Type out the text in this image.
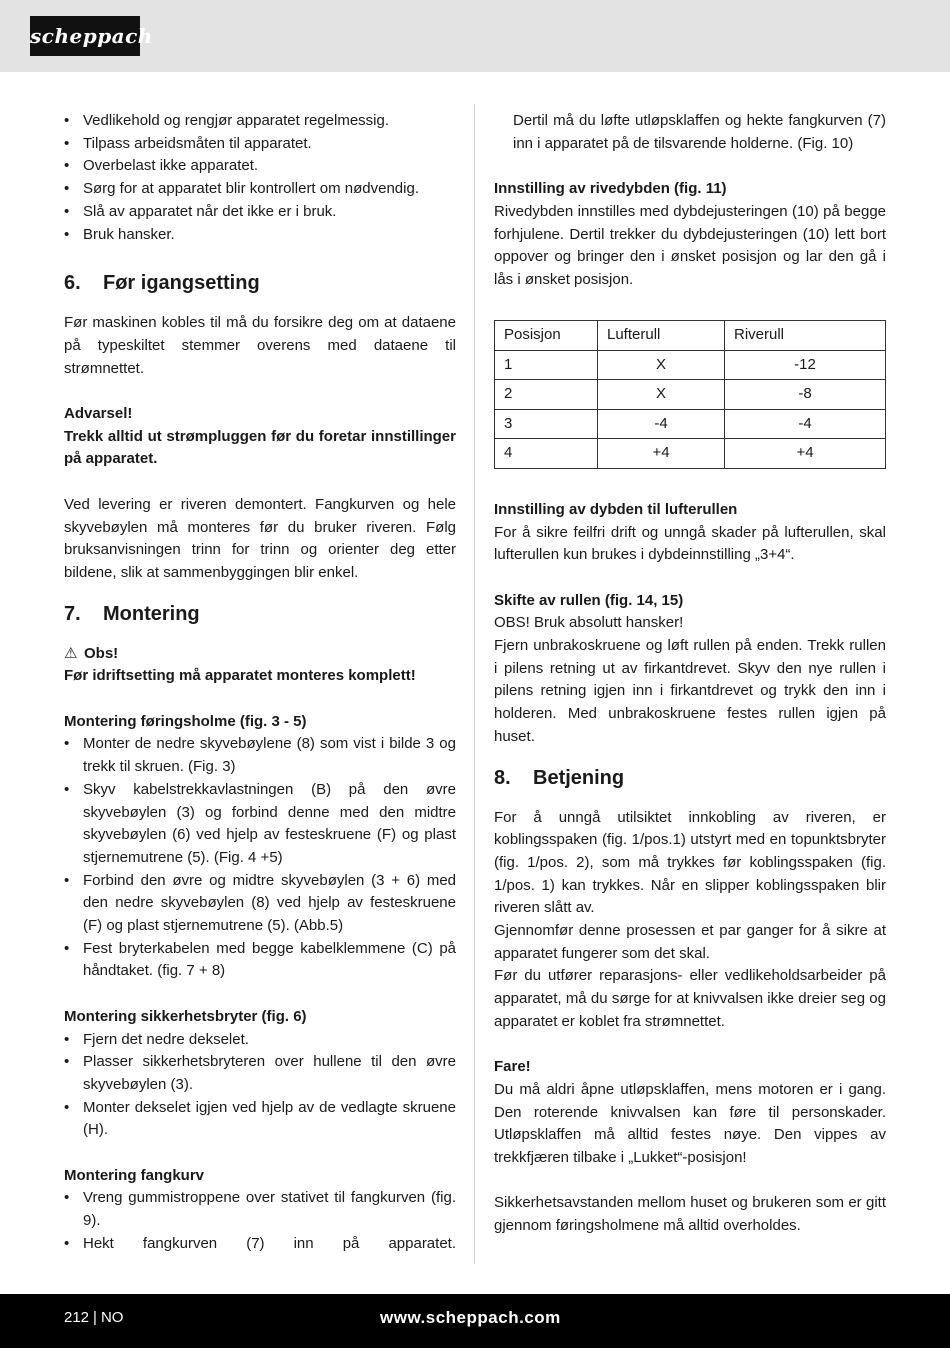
scheppach
• Vedlikehold og rengjør apparatet regelmessig.
• Tilpass arbeidsmåten til apparatet.
• Overbelast ikke apparatet.
• Sørg for at apparatet blir kontrollert om nødvendig.
• Slå av apparatet når det ikke er i bruk.
• Bruk hansker.
6. Før igangsetting

Før maskinen kobles til må du forsikre deg om at dataene på typeskiltet stemmer overens med dataene til strømnettet.

Advarsel!

Trekk alltid ut strømpluggen før du foretar innstillinger på apparatet.

Ved levering er riveren demontert. Fangkurven og hele skyvebøylen må monteres før du bruker riveren. Følg bruksanvisningen trinn for trinn og orienter deg etter bildene, slik at sammenbyggingen blir enkel.

7. Montering

⚠ Obs!

Før idriftsetting må apparatet monteres komplett!

Montering føringsholme (fig. 3 - 5)

• Monter de nedre skyvebøylene (8) som vist i bilde 3 og trekk til skruen. (Fig. 3)
• Skyv kabelstrekkavlastningen (B) på den øvre skyvebøylen (3) og forbind denne med den midtre skyvebøylen (6) ved hjelp av festeskruene (F) og plast stjernemutrene (5). (Fig. 4 +5)
• Forbind den øvre og midtre skyvebøylen (3 + 6) med den nedre skyvebøylen (8) ved hjelp av festeskruene (F) og plast stjernemutrene (5). (Abb.5)
• Fest bryterkabelen med begge kabelklemmene (C) på håndtaket. (fig. 7 + 8)

Montering sikkerhetsbryter (fig. 6)

• Fjern det nedre dekselet.
• Plasser sikkerhetsbryteren over hullene til den øvre skyvebøylen (3).
• Monter dekselet igjen ved hjelp av de vedlagte skruene (H).

Montering fangkurv

• Vreng gummistroppene over stativet til fangkurven (fig. 9).
• Hekt fangkurven (7) inn på apparatet.

Dertil må du løfte utløpsklaffen og hekte fangkurven (7) inn i apparatet på de tilsvarende holderne. (Fig. 10)

Innstilling av rivedybden (fig. 11)

Rivedybden innstilles med dybdejusteringen (10) på begge forhjulene. Dertil trekker du dybdejusteringen (10) lett bort oppover og bringer den i ønsket posisjon og lar den gå i lås i ønsket posisjon.

Posisjon	Lufterull	Riverull
1	X	-12
2	X	-8
3	-4	-4
4	+4	+4

Innstilling av dybden til lufterullen

For å sikre feilfri drift og unngå skader på lufterullen, skal lufterullen kun brukes i dybdeinnstilling „3+4“.

Skifte av rullen (fig. 14, 15)

OBS! Bruk absolutt hansker!

Fjern unbrakoskruene og løft rullen på enden. Trekk rullen i pilens retning ut av firkantdrevet. Skyv den nye rullen i pilens retning igjen inn i firkantdrevet og trykk den inn i holderen. Med unbrakoskruene festes rullen igjen på huset.

8. Betjening

For å unngå utilsiktet innkobling av riveren, er koblingsspaken (fig. 1/pos.1) utstyrt med en topunktsbryter (fig. 1/pos. 2), som må trykkes før koblingsspaken (fig. 1/pos. 1) kan trykkes. Når en slipper koblingsspaken blir riveren slått av.

Gjennomfør denne prosessen et par ganger for å sikre at apparatet fungerer som det skal.

Før du utfører reparasjons- eller vedlikeholdsarbeider på apparatet, må du sørge for at knivvalsen ikke dreier seg og apparatet er koblet fra strømnettet.

Fare!

Du må aldri åpne utløpsklaffen, mens motoren er i gang. Den roterende knivvalsen kan føre til personskader. Utløpsklaffen må alltid festes nøye. Den vippes av trekkfjæren tilbake i „Lukket“-posisjon!

Sikkerhetsavstanden mellom huset og brukeren som er gitt gjennom føringsholmene må alltid overholdes.

212 | NO	www.scheppach.com
